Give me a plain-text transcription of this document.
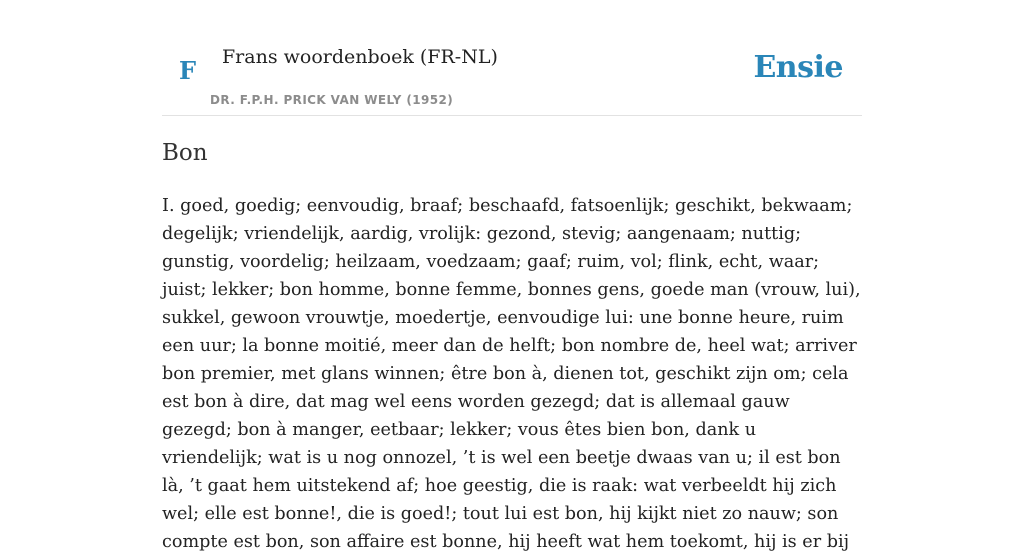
F Frans woordenboek (FR-NL)	Ensie
DR. F.P.H. PRICK VAN WELY (1952)
Bon

I. goed, goedig; eenvoudig, braaf; beschaafd, fatsoenlijk; geschikt, bekwaam; degelijk; vriendelijk, aardig, vrolijk: gezond, stevig; aangenaam; nuttig; gunstig, voordelig; heilzaam, voedzaam; gaaf; ruim, vol; flink, echt, waar; juist; lekker; bon homme, bonne femme, bonnes gens, goede man (vrouw, lui), sukkel, gewoon vrouwtje, moedertje, eenvoudige lui: une bonne heure, ruim een uur; la bonne moitié, meer dan de helft; bon nombre de, heel wat; arriver bon premier, met glans winnen; être bon à, dienen tot, geschikt zijn om; cela est bon à dire, dat mag wel eens worden gezegd; dat is allemaal gauw gezegd; bon à manger, eetbaar; lekker; vous êtes bien bon, dank u vriendelijk; wat is u nog onnozel, ’t is wel een beetje dwaas van u; il est bon là, ’t gaat hem uitstekend af; hoe geestig, die is raak: wat verbeeldt hij zich wel; elle est bonne!, die is goed!; tout lui est bon, hij kijkt niet zo nauw; son compte est bon, son affaire est bonne, hij heeft wat hem toekomt, hij is er bij
